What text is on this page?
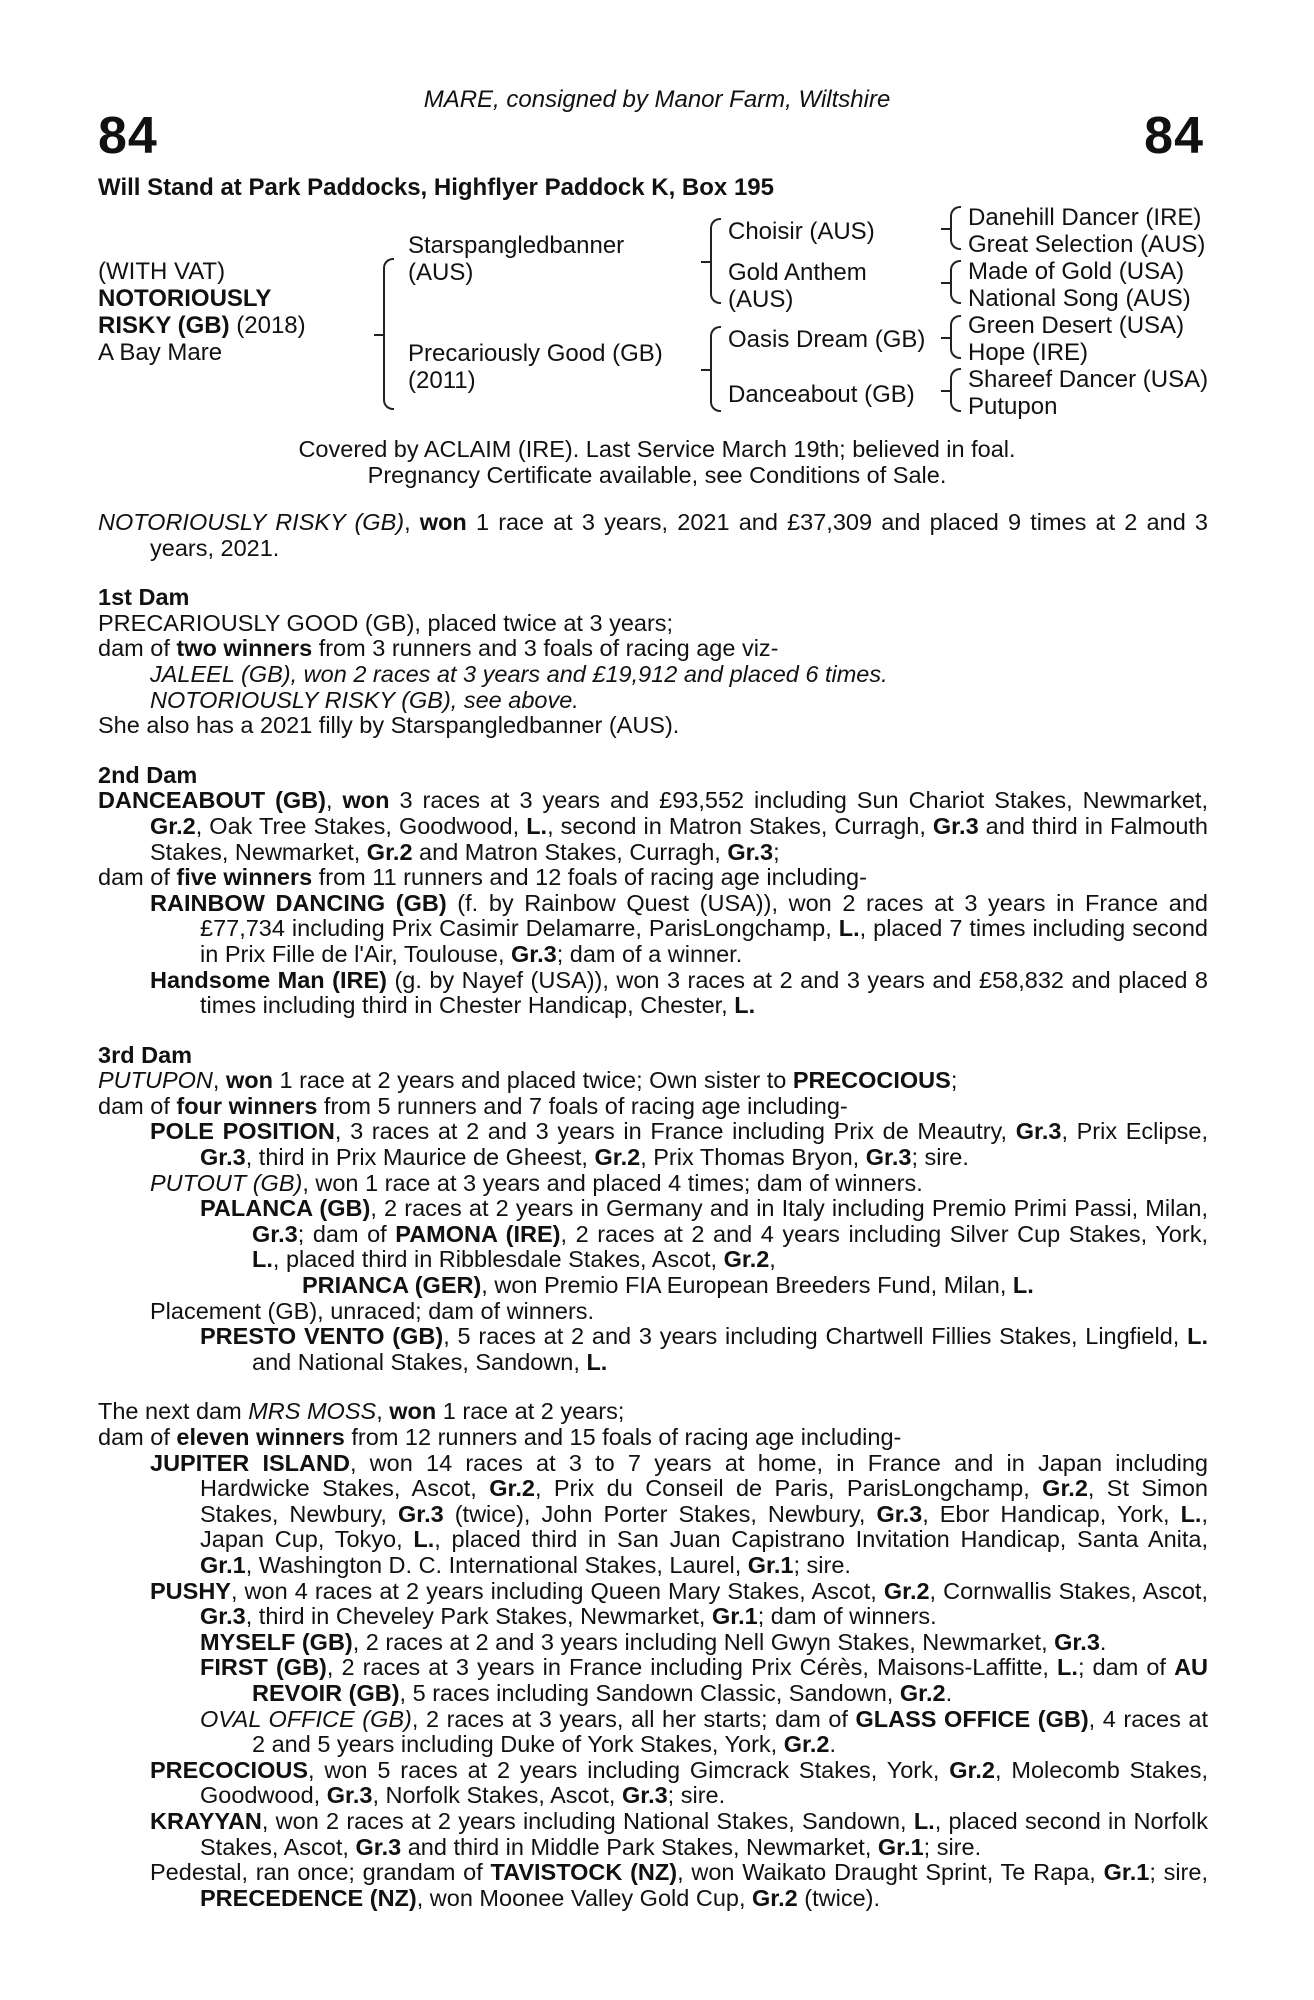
MARE, consigned by Manor Farm, Wiltshire
84	84
Will Stand at Park Paddocks, Highflyer Paddock K, Box 195
(WITH VAT)
NOTORIOUSLY
RISKY (GB) (2018)
A Bay Mare
Starspangledbanner
(AUS)
Precariously Good (GB)
(2011)
Choisir (AUS)
Gold Anthem
(AUS)
Oasis Dream (GB)
Danceabout (GB)
Danehill Dancer (IRE)
Great Selection (AUS)
Made of Gold (USA)
National Song (AUS)
Green Desert (USA)
Hope (IRE)
Shareef Dancer (USA)
Putupon
Covered by ACLAIM (IRE). Last Service March 19th; believed in foal.
Pregnancy Certificate available, see Conditions of Sale.

NOTORIOUSLY RISKY (GB), won 1 race at 3 years, 2021 and £37,309 and placed 9 times at 2 and 3 years, 2021.

1st Dam

PRECARIOUSLY GOOD (GB), placed twice at 3 years;

dam of two winners from 3 runners and 3 foals of racing age viz-

JALEEL (GB), won 2 races at 3 years and £19,912 and placed 6 times.

NOTORIOUSLY RISKY (GB), see above.

She also has a 2021 filly by Starspangledbanner (AUS).

2nd Dam

DANCEABOUT (GB), won 3 races at 3 years and £93,552 including Sun Chariot Stakes, Newmarket, Gr.2, Oak Tree Stakes, Goodwood, L., second in Matron Stakes, Curragh, Gr.3 and third in Falmouth Stakes, Newmarket, Gr.2 and Matron Stakes, Curragh, Gr.3;

dam of five winners from 11 runners and 12 foals of racing age including-

RAINBOW DANCING (GB) (f. by Rainbow Quest (USA)), won 2 races at 3 years in France and £77,734 including Prix Casimir Delamarre, ParisLongchamp, L., placed 7 times including second in Prix Fille de l'Air, Toulouse, Gr.3; dam of a winner.

Handsome Man (IRE) (g. by Nayef (USA)), won 3 races at 2 and 3 years and £58,832 and placed 8 times including third in Chester Handicap, Chester, L.

3rd Dam

PUTUPON, won 1 race at 2 years and placed twice; Own sister to PRECOCIOUS;

dam of four winners from 5 runners and 7 foals of racing age including-

POLE POSITION, 3 races at 2 and 3 years in France including Prix de Meautry, Gr.3, Prix Eclipse, Gr.3, third in Prix Maurice de Gheest, Gr.2, Prix Thomas Bryon, Gr.3; sire.

PUTOUT (GB), won 1 race at 3 years and placed 4 times; dam of winners.

PALANCA (GB), 2 races at 2 years in Germany and in Italy including Premio Primi Passi, Milan, Gr.3; dam of PAMONA (IRE), 2 races at 2 and 4 years including Silver Cup Stakes, York, L., placed third in Ribblesdale Stakes, Ascot, Gr.2,

PRIANCA (GER), won Premio FIA European Breeders Fund, Milan, L.

Placement (GB), unraced; dam of winners.

PRESTO VENTO (GB), 5 races at 2 and 3 years including Chartwell Fillies Stakes, Lingfield, L. and National Stakes, Sandown, L.

The next dam MRS MOSS, won 1 race at 2 years;

dam of eleven winners from 12 runners and 15 foals of racing age including-

JUPITER ISLAND, won 14 races at 3 to 7 years at home, in France and in Japan including Hardwicke Stakes, Ascot, Gr.2, Prix du Conseil de Paris, ParisLongchamp, Gr.2, St Simon Stakes, Newbury, Gr.3 (twice), John Porter Stakes, Newbury, Gr.3, Ebor Handicap, York, L., Japan Cup, Tokyo, L., placed third in San Juan Capistrano Invitation Handicap, Santa Anita, Gr.1, Washington D. C. International Stakes, Laurel, Gr.1; sire.

PUSHY, won 4 races at 2 years including Queen Mary Stakes, Ascot, Gr.2, Cornwallis Stakes, Ascot, Gr.3, third in Cheveley Park Stakes, Newmarket, Gr.1; dam of winners.

MYSELF (GB), 2 races at 2 and 3 years including Nell Gwyn Stakes, Newmarket, Gr.3.

FIRST (GB), 2 races at 3 years in France including Prix Cérès, Maisons-Laffitte, L.; dam of AU REVOIR (GB), 5 races including Sandown Classic, Sandown, Gr.2.

OVAL OFFICE (GB), 2 races at 3 years, all her starts; dam of GLASS OFFICE (GB), 4 races at 2 and 5 years including Duke of York Stakes, York, Gr.2.

PRECOCIOUS, won 5 races at 2 years including Gimcrack Stakes, York, Gr.2, Molecomb Stakes, Goodwood, Gr.3, Norfolk Stakes, Ascot, Gr.3; sire.

KRAYYAN, won 2 races at 2 years including National Stakes, Sandown, L., placed second in Norfolk Stakes, Ascot, Gr.3 and third in Middle Park Stakes, Newmarket, Gr.1; sire.

Pedestal, ran once; grandam of TAVISTOCK (NZ), won Waikato Draught Sprint, Te Rapa, Gr.1; sire, PRECEDENCE (NZ), won Moonee Valley Gold Cup, Gr.2 (twice).
